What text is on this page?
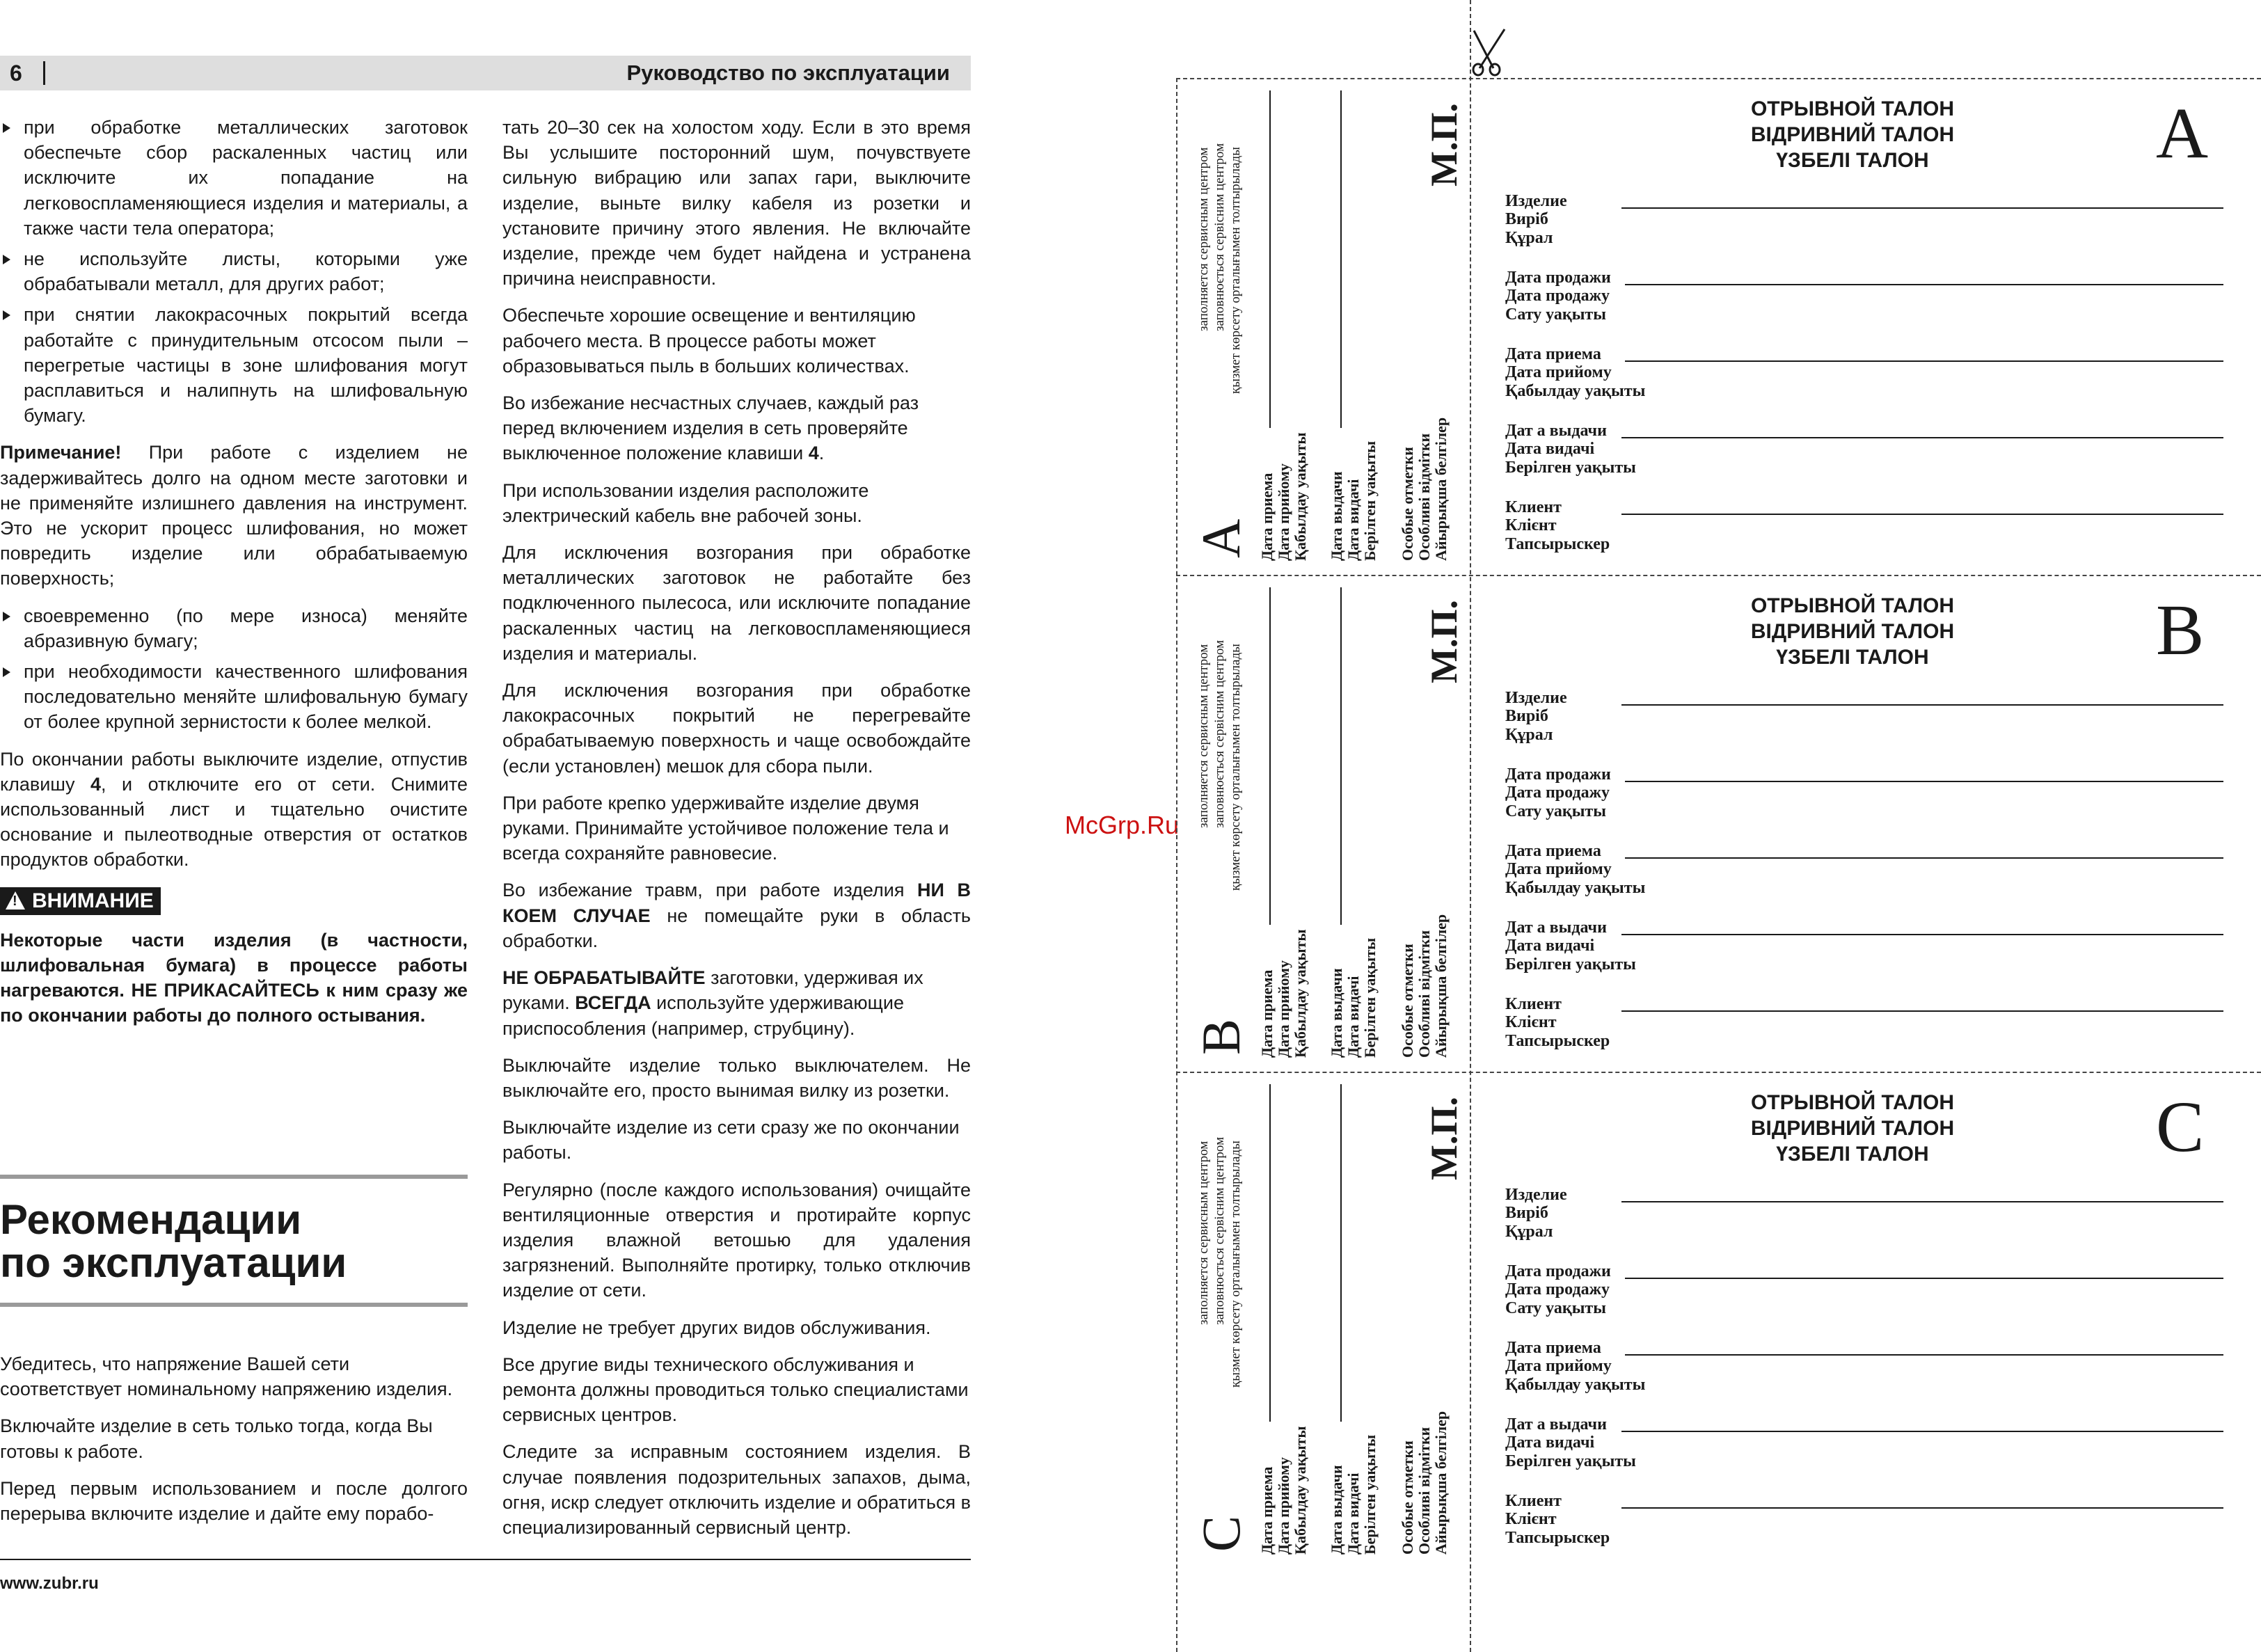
6	Руководство по эксплуатации
при обработке металлических заготовок обеспечьте сбор раскаленных частиц или исключите их попадание на легковоспламеняющиеся изделия и материалы, а также части тела оператора;
не используйте листы, которыми уже обрабатывали металл, для других работ;
при снятии лакокрасочных покрытий всегда работайте с принудительным отсосом пыли – перегретые частицы в зоне шлифования могут расплавиться и налипнуть на шлифовальную бумагу.

Примечание! При работе с изделием не задерживайтесь долго на одном месте заготовки и не применяйте излишнего давления на инструмент. Это не ускорит процесс шлифования, но может повредить изделие или обрабатываемую поверхность;

своевременно (по мере износа) меняйте абразивную бумагу;
при необходимости качественного шлифования последовательно меняйте шлифовальную бумагу от более крупной зернистости к более мелкой.

По окончании работы выключите изделие, отпустив клавишу 4, и отключите его от сети. Снимите использованный лист и тщательно очистите основание и пылеотводные отверстия от остатков продуктов обработки.

!ВНИМАНИЕ

Некоторые части изделия (в частности, шлифовальная бумага) в процессе работы нагреваются. НЕ ПРИКАСАЙТЕСЬ к ним сразу же по окончании работы до полного остывания.

Рекомендации
по эксплуатации

Убедитесь, что напряжение Вашей сети соответствует номинальному напряжению изделия.

Включайте изделие в сеть только тогда, когда Вы готовы к работе.

Перед первым использованием и после долгого перерыва включите изделие и дайте ему порабо-

тать 20–30 сек на холостом ходу. Если в это время Вы услышите посторонний шум, почувствуете сильную вибрацию или запах гари, выключите изделие, выньте вилку кабеля из розетки и установите причину этого явления. Не включайте изделие, прежде чем будет найдена и устранена причина неисправности.

Обеспечьте хорошие освещение и вентиляцию рабочего места. В процессе работы может образовываться пыль в больших количествах.

Во избежание несчастных случаев, каждый раз перед включением изделия в сеть проверяйте выключенное положение клавиши 4.

При использовании изделия расположите электрический кабель вне рабочей зоны.

Для исключения возгорания при обработке металлических заготовок не работайте без подключенного пылесоса, или исключите попадание раскаленных частиц на легковоспламеняющиеся изделия и материалы.

Для исключения возгорания при обработке лакокрасочных покрытий не перегревайте обрабатываемую поверхность и чаще освобождайте (если установлен) мешок для сбора пыли.

При работе крепко удерживайте изделие двумя руками. Принимайте устойчивое положение тела и всегда сохраняйте равновесие.

Во избежание травм, при работе изделия НИ В КОЕМ СЛУЧАЕ не помещайте руки в область обработки.

НЕ ОБРАБАТЫВАЙТЕ заготовки, удерживая их руками. ВСЕГДА используйте удерживающие приспособления (например, струбцину).

Выключайте изделие только выключателем. Не выключайте его, просто вынимая вилку из розетки.

Выключайте изделие из сети сразу же по окончании работы.

Регулярно (после каждого использования) очищайте вентиляционные отверстия и протирайте корпус изделия влажной ветошью для удаления загрязнений. Выполняйте протирку, только отключив изделие от сети.

Изделие не требует других видов обслуживания.

Все другие виды технического обслуживания и ремонта должны проводиться только специалистами сервисных центров.

Следите за исправным состоянием изделия. В случае появления подозрительных запахов, дыма, огня, искр следует отключить изделие и обратиться в специализированный сервисный центр.

www.zubr.ru
McGrp.Ru
A
заполняется сервисным центром заповнюється сервісним центром қызмет көрсету орталығымен толтырылады
Дата приема Дата прийому Қабылдау уақыты Дата выдачи Дата видачі Берілген уақыты Особые отметки Особливі відмітки Айырықша белгілер
М.П.	ОТРЫВНОЙ ТАЛОН
ВІДРИВНИЙ ТАЛОН
ҮЗБЕЛІ ТАЛОН	A
Изделие
Виріб
Құрал
Дата продажи
Дата продажу
Сату уақыты
Дата приема
Дата прийому
Қабылдау уақыты
Дат а выдачи
Дата видачі
Берілген уақыты
Клиент
Клієнт
Тапсырыскер
B
заполняется сервисным центром заповнюється сервісним центром қызмет көрсету орталығымен толтырылады
Дата приема Дата прийому Қабылдау уақыты Дата выдачи Дата видачі Берілген уақыты Особые отметки Особливі відмітки Айырықша белгілер
М.П.	ОТРЫВНОЙ ТАЛОН
ВІДРИВНИЙ ТАЛОН
ҮЗБЕЛІ ТАЛОН	B
Изделие
Виріб
Құрал
Дата продажи
Дата продажу
Сату уақыты
Дата приема
Дата прийому
Қабылдау уақыты
Дат а выдачи
Дата видачі
Берілген уақыты
Клиент
Клієнт
Тапсырыскер
C
заполняется сервисным центром заповнюється сервісним центром қызмет көрсету орталығымен толтырылады
Дата приема Дата прийому Қабылдау уақыты Дата выдачи Дата видачі Берілген уақыты Особые отметки Особливі відмітки Айырықша белгілер
М.П.	ОТРЫВНОЙ ТАЛОН
ВІДРИВНИЙ ТАЛОН
ҮЗБЕЛІ ТАЛОН	C
Изделие
Виріб
Құрал
Дата продажи
Дата продажу
Сату уақыты
Дата приема
Дата прийому
Қабылдау уақыты
Дат а выдачи
Дата видачі
Берілген уақыты
Клиент
Клієнт
Тапсырыскер
